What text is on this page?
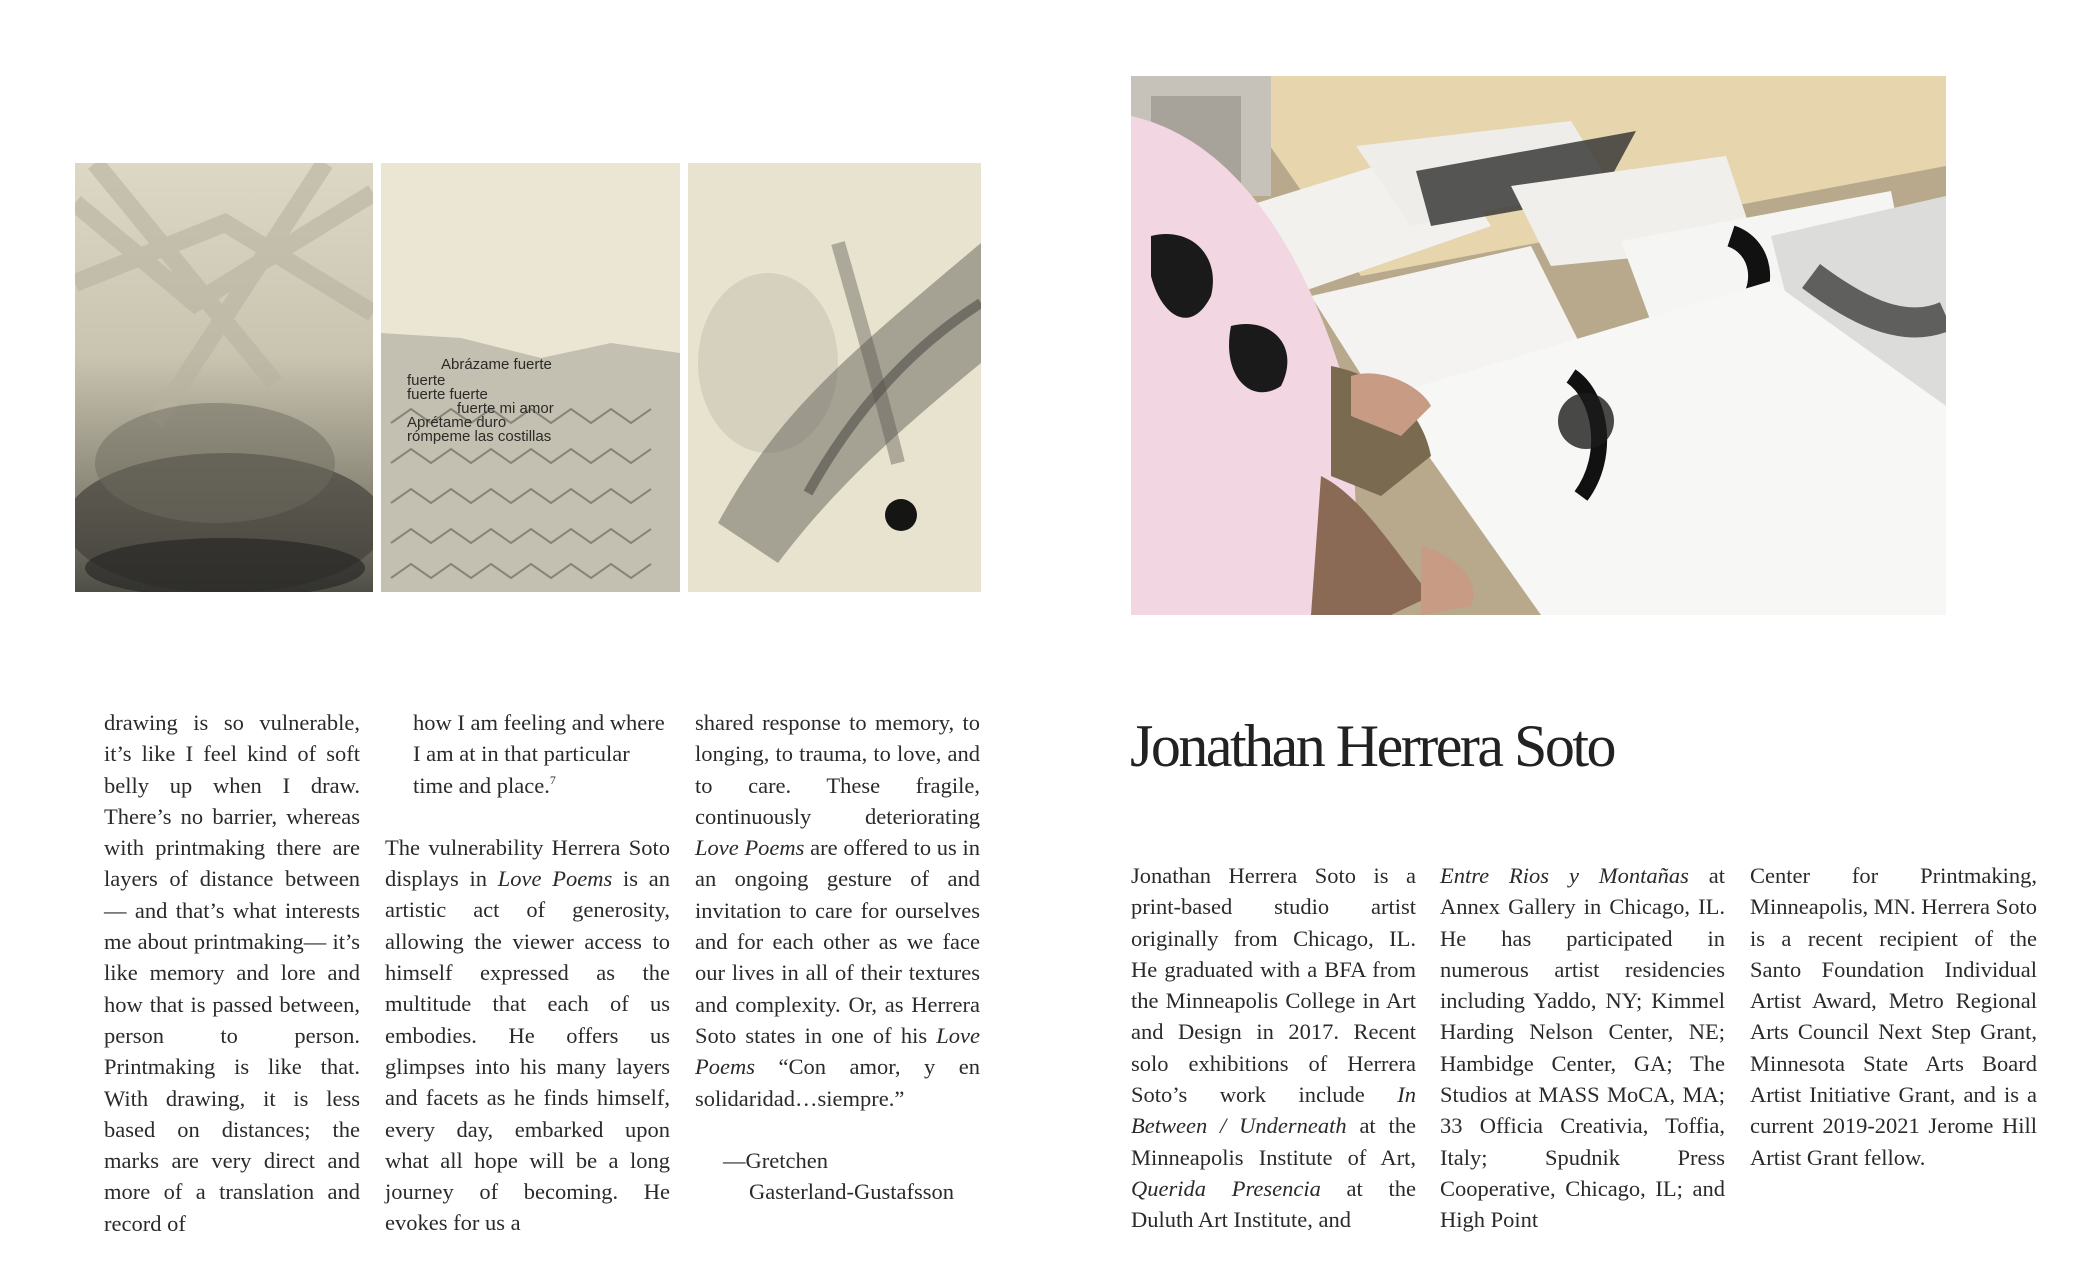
Abrázame fuerte
fuerte
fuerte fuerte
fuerte mi amor
Aprétame duro
rómpeme las costillas

drawing is so vulnerable, it’s like I feel kind of soft belly up when I draw. There’s no barrier, whereas with printmaking there are layers of distance between— and that’s what interests me about printmaking— it’s like memory and lore and how that is passed between, person to person. Printmaking is like that. With drawing, it is less based on distances; the marks are very direct and more of a translation and record of

how I am feeling and where I am at in that particular time and place.$^7$

The vulnerability Herrera Soto displays in Love Poems is an artistic act of generosity, allowing the viewer access to himself expressed as the multitude that each of us embodies. He offers us glimpses into his many layers and facets as he finds himself, every day, embarked upon what all hope will be a long journey of becoming. He evokes for us a

shared response to memory, to longing, to trauma, to love, and to care. These fragile, continuously deteriorating Love Poems are offered to us in an ongoing gesture of and invitation to care for ourselves and for each other as we face our lives in all of their textures and complexity. Or, as Herrera Soto states in one of his Love Poems “Con amor, y en solidaridad…siempre.”

—Gretchen
Gasterland-Gustafsson

Jonathan Herrera Soto

Jonathan Herrera Soto is a print-based studio artist originally from Chicago, IL. He graduated with a BFA from the Minneapolis College in Art and Design in 2017. Recent solo exhibitions of Herrera Soto’s work include In Between / Underneath at the Minneapolis Institute of Art, Querida Presencia at the Duluth Art Institute, and

Entre Rios y Montañas at Annex Gallery in Chicago, IL. He has participated in numerous artist residencies including Yaddo, NY; Kimmel Harding Nelson Center, NE; Hambidge Center, GA; The Studios at MASS MoCA, MA; 33 Officia Creativia, Toffia, Italy; Spudnik Press Cooperative, Chicago, IL; and High Point

Center for Printmaking, Minneapolis, MN. Herrera Soto is a recent recipient of the Santo Foundation Individual Artist Award, Metro Regional Arts Council Next Step Grant, Minnesota State Arts Board Artist Initiative Grant, and is a current 2019-2021 Jerome Hill Artist Grant fellow.
